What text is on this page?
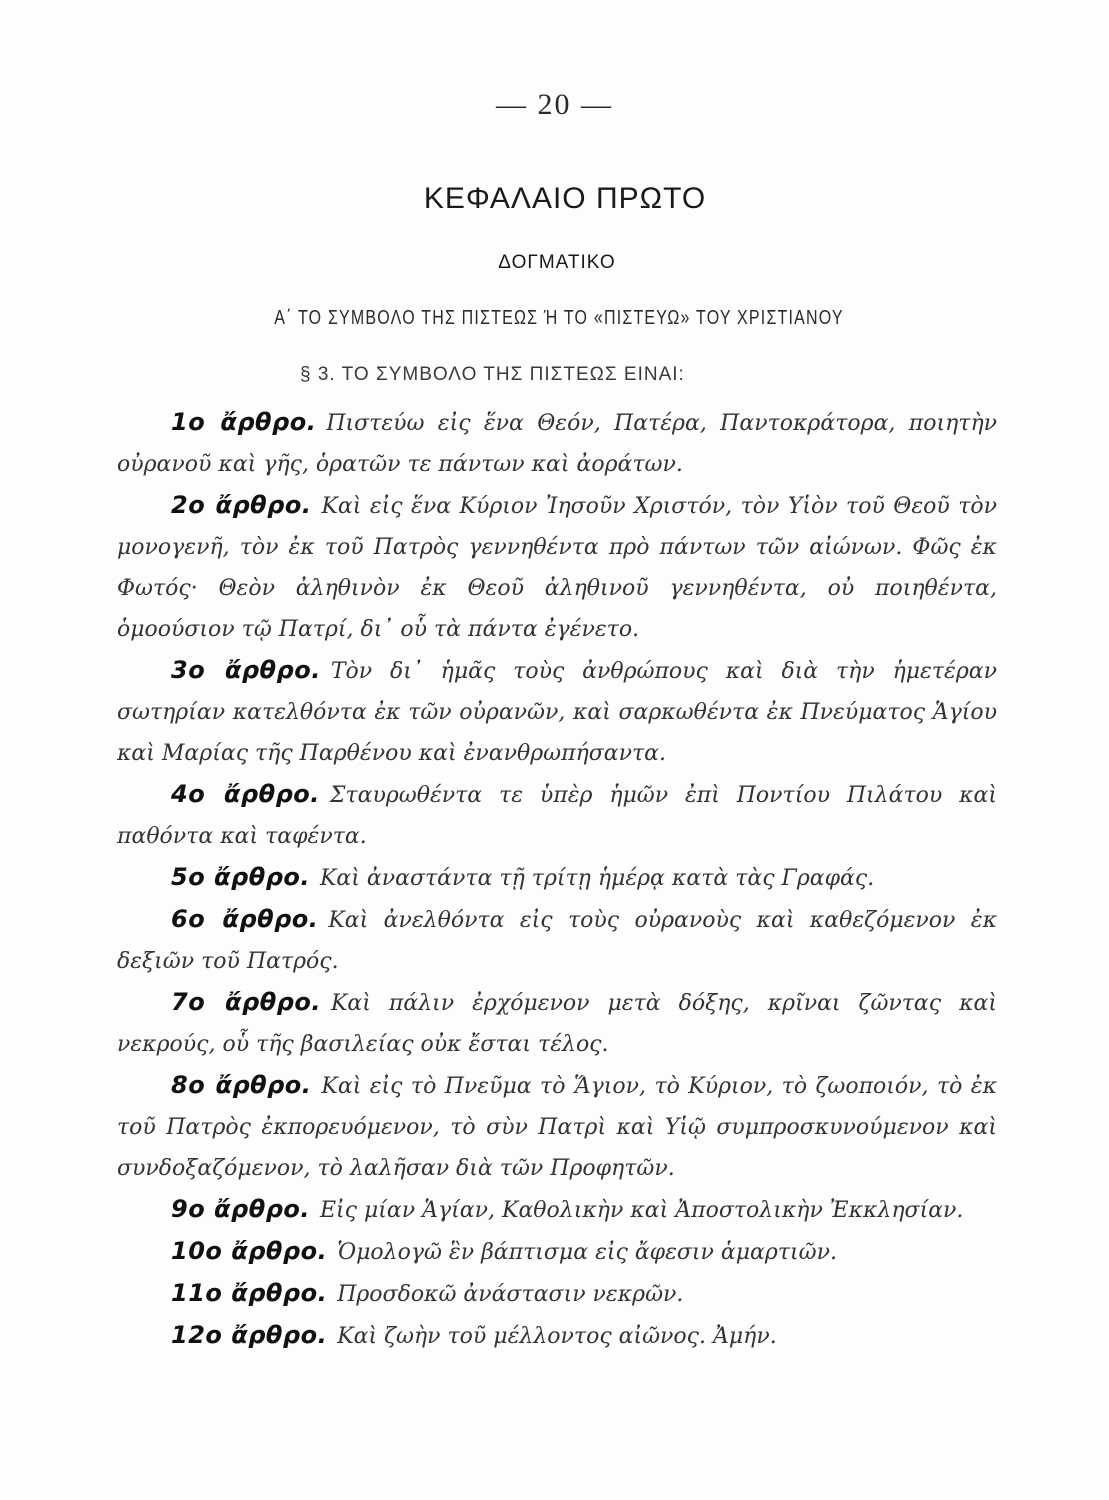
— 20 —
ΚΕΦΑΛΑΙΟ ΠΡΩΤΟ
ΔΟΓΜΑΤΙΚΟ
Α΄ ΤΟ ΣΥΜΒΟΛΟ ΤΗΣ ΠΙΣΤΕΩΣ Ή ΤΟ «ΠΙΣΤΕΥΩ» ΤΟΥ ΧΡΙΣΤΙΑΝΟΥ
§ 3. ΤΟ ΣΥΜΒΟΛΟ ΤΗΣ ΠΙΣΤΕΩΣ ΕΙΝΑΙ:

1ο ἄρθρο. Πιστεύω εἰς ἕνα Θεόν, Πατέρα, Παντοκράτορα, ποιητὴν οὐρανοῦ καὶ γῆς, ὁρατῶν τε πάντων καὶ ἀοράτων.

2ο ἄρθρο. Καὶ εἰς ἕνα Κύριον Ἰησοῦν Χριστόν, τὸν Υἱὸν τοῦ Θεοῦ τὸν μονογενῆ, τὸν ἐκ τοῦ Πατρὸς γεννηθέντα πρὸ πάντων τῶν αἰώνων. Φῶς ἐκ Φωτός· Θεὸν ἀληθινὸν ἐκ Θεοῦ ἀληθινοῦ γεννηθέντα, οὐ ποιηθέντα, ὁμοούσιον τῷ Πατρί, δι᾽ οὗ τὰ πάντα ἐγένετο.

3ο ἄρθρο. Τὸν δι᾽ ἡμᾶς τοὺς ἀνθρώπους καὶ διὰ τὴν ἡμετέραν σωτηρίαν κατελθόντα ἐκ τῶν οὐρανῶν, καὶ σαρκωθέντα ἐκ Πνεύματος Ἁγίου καὶ Μαρίας τῆς Παρθένου καὶ ἐνανθρωπήσαντα.

4ο ἄρθρο. Σταυρωθέντα τε ὑπὲρ ἡμῶν ἐπὶ Ποντίου Πιλάτου καὶ παθόντα καὶ ταφέντα.

5ο ἄρθρο. Καὶ ἀναστάντα τῇ τρίτῃ ἡμέρᾳ κατὰ τὰς Γραφάς.

6ο ἄρθρο. Καὶ ἀνελθόντα εἰς τοὺς οὐρανοὺς καὶ καθεζόμενον ἐκ δεξιῶν τοῦ Πατρός.

7ο ἄρθρο. Καὶ πάλιν ἐρχόμενον μετὰ δόξης, κρῖναι ζῶντας καὶ νεκρούς, οὗ τῆς βασιλείας οὐκ ἔσται τέλος.

8ο ἄρθρο. Καὶ εἰς τὸ Πνεῦμα τὸ Ἅγιον, τὸ Κύριον, τὸ ζωοποιόν, τὸ ἐκ τοῦ Πατρὸς ἐκπορευόμενον, τὸ σὺν Πατρὶ καὶ Υἱῷ συμπροσκυνούμενον καὶ συνδοξαζόμενον, τὸ λαλῆσαν διὰ τῶν Προφητῶν.

9ο ἄρθρο. Εἰς μίαν Ἁγίαν, Καθολικὴν καὶ Ἀποστολικὴν Ἐκκλησίαν.

10ο ἄρθρο. Ὁμολογῶ ἓν βάπτισμα εἰς ἄφεσιν ἁμαρτιῶν.

11ο ἄρθρο. Προσδοκῶ ἀνάστασιν νεκρῶν.

12ο ἄρθρο. Καὶ ζωὴν τοῦ μέλλοντος αἰῶνος. Ἀμήν.
